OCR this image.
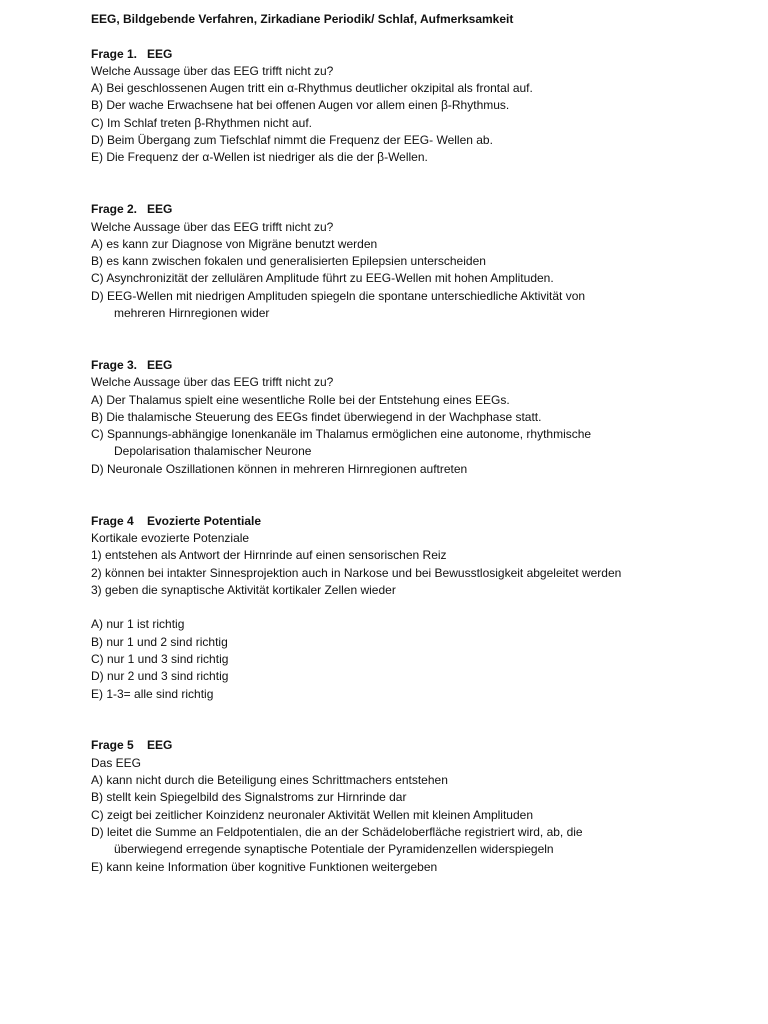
EEG, Bildgebende Verfahren, Zirkadiane Periodik/ Schlaf, Aufmerksamkeit
Frage 1. EEG
Welche Aussage über das EEG trifft nicht zu?
A) Bei geschlossenen Augen tritt ein α-Rhythmus deutlicher okzipital als frontal auf.
B) Der wache Erwachsene hat bei offenen Augen vor allem einen β-Rhythmus.
C) Im Schlaf treten β-Rhythmen nicht auf.
D) Beim Übergang zum Tiefschlaf nimmt die Frequenz der EEG- Wellen ab.
E) Die Frequenz der α-Wellen ist niedriger als die der β-Wellen.
Frage 2. EEG
Welche Aussage über das EEG trifft nicht zu?
A) es kann zur Diagnose von Migräne benutzt werden
B) es kann zwischen fokalen und generalisierten Epilepsien unterscheiden
C) Asynchronizität der zellulären Amplitude führt zu EEG-Wellen mit hohen Amplituden.
D) EEG-Wellen mit niedrigen Amplituden spiegeln die spontane unterschiedliche Aktivität von
mehreren Hirnregionen wider
Frage 3. EEG
Welche Aussage über das EEG trifft nicht zu?
A) Der Thalamus spielt eine wesentliche Rolle bei der Entstehung eines EEGs.
B) Die thalamische Steuerung des EEGs findet überwiegend in der Wachphase statt.
C) Spannungs-abhängige Ionenkanäle im Thalamus ermöglichen eine autonome, rhythmische
Depolarisation thalamischer Neurone
D) Neuronale Oszillationen können in mehreren Hirnregionen auftreten
Frage 4 Evozierte Potentiale
Kortikale evozierte Potenziale
1) entstehen als Antwort der Hirnrinde auf einen sensorischen Reiz
2) können bei intakter Sinnesprojektion auch in Narkose und bei Bewusstlosigkeit abgeleitet werden
3) geben die synaptische Aktivität kortikaler Zellen wieder
A) nur 1 ist richtig
B) nur 1 und 2 sind richtig
C) nur 1 und 3 sind richtig
D) nur 2 und 3 sind richtig
E) 1-3= alle sind richtig
Frage 5 EEG
Das EEG
A) kann nicht durch die Beteiligung eines Schrittmachers entstehen
B) stellt kein Spiegelbild des Signalstroms zur Hirnrinde dar
C) zeigt bei zeitlicher Koinzidenz neuronaler Aktivität Wellen mit kleinen Amplituden
D) leitet die Summe an Feldpotentialen, die an der Schädeloberfläche registriert wird, ab, die
überwiegend erregende synaptische Potentiale der Pyramidenzellen widerspiegeln
E) kann keine Information über kognitive Funktionen weitergeben
